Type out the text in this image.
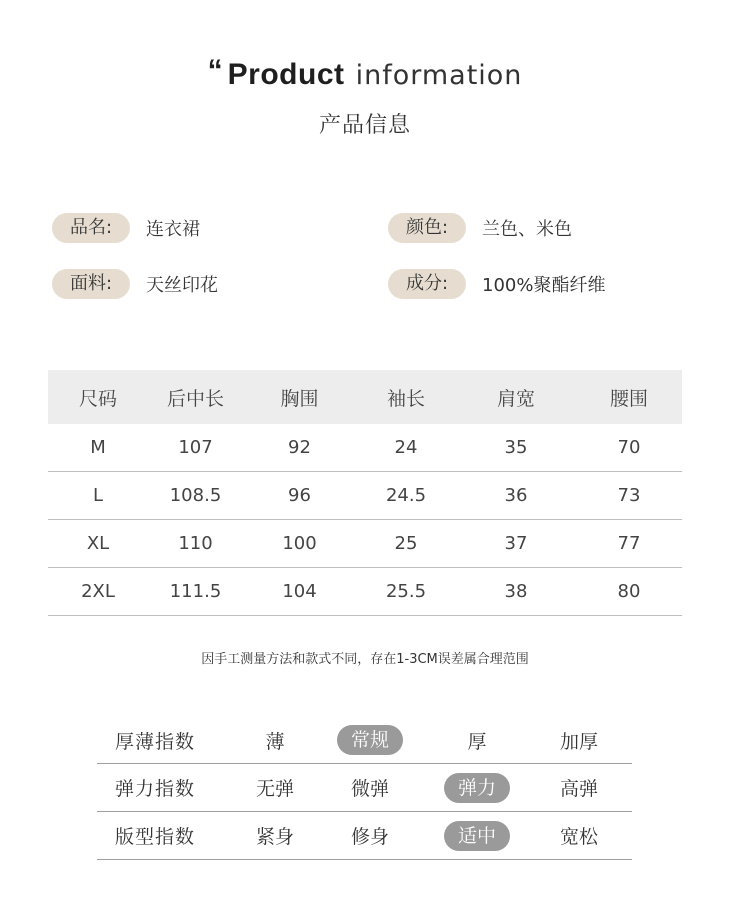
“ Product information
产品信息
品名:	连衣裙	颜色:	兰色、米色
面料:	天丝印花	成分:	100%聚酯纤维
尺码	后中长	胸围	袖长	肩宽	腰围
M	107	92	24	35	70
L	108.5	96	24.5	36	73
XL	110	100	25	37	77
2XL	111.5	104	25.5	38	80
因手工测量方法和款式不同，存在1-3CM误差属合理范围
厚薄指数	薄	常规	厚	加厚
弹力指数	无弹	微弹	弹力	高弹
版型指数	紧身	修身	适中	宽松
